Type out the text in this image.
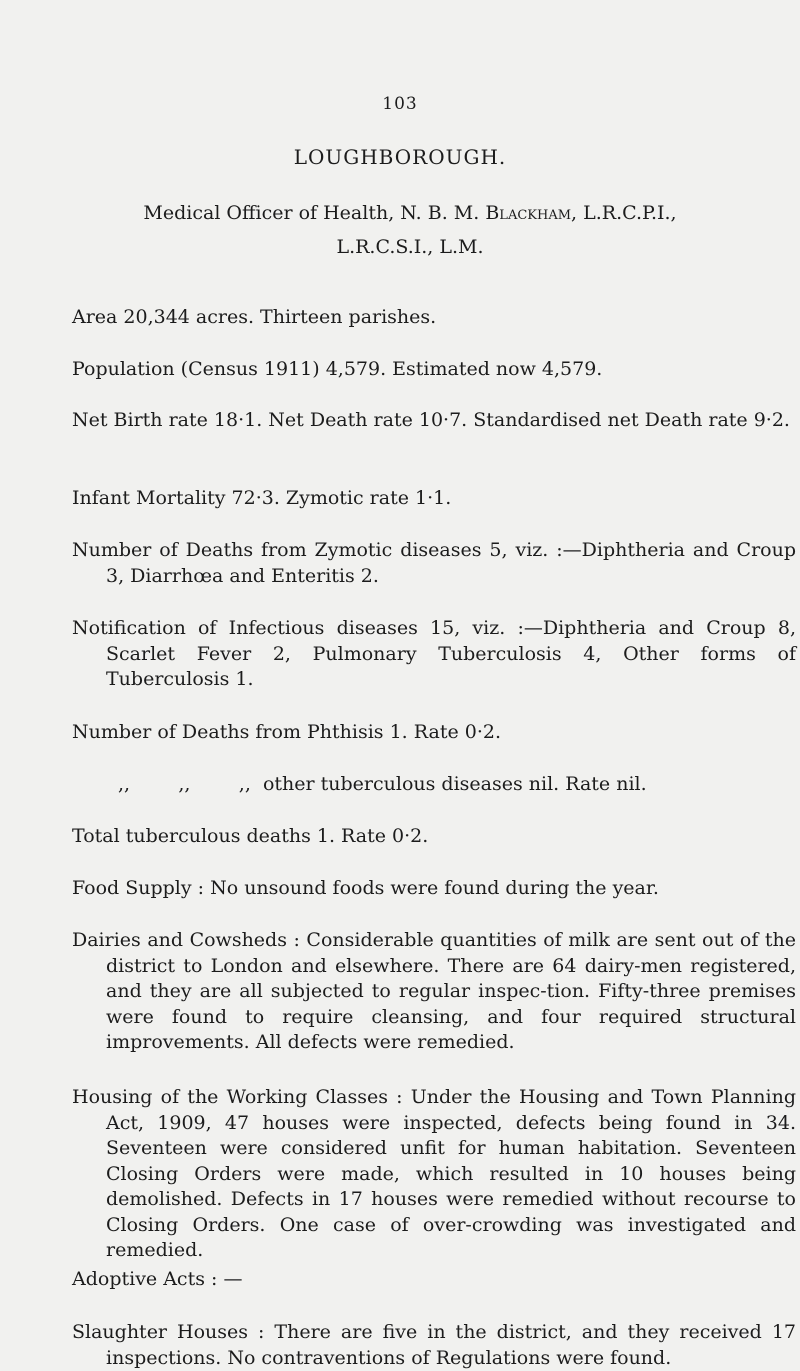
103
LOUGHBOROUGH.
Medical Officer of Health, N. B. M. Blackham, L.R.C.P.I.,
L.R.C.S.I., L.M.

Area 20,344 acres. Thirteen parishes.

Population (Census 1911) 4,579. Estimated now 4,579.

Net Birth rate 18·1. Net Death rate 10·7. Standardised net Death rate 9·2.

Infant Mortality 72·3. Zymotic rate 1·1.

Number of Deaths from Zymotic diseases 5, viz. :—Diphtheria and Croup 3, Diarrhœa and Enteritis 2.

Notification of Infectious diseases 15, viz. :—Diphtheria and Croup 8, Scarlet Fever 2, Pulmonary Tuberculosis 4, Other forms of Tuberculosis 1.

Number of Deaths from Phthisis 1. Rate 0·2.

,,        ,,        ,,  other tuberculous diseases nil. Rate nil.

Total tuberculous deaths 1. Rate 0·2.

Food Supply : No unsound foods were found during the year.

Dairies and Cowsheds : Considerable quantities of milk are sent out of the district to London and elsewhere. There are 64 dairy-men registered, and they are all subjected to regular inspec-tion. Fifty-three premises were found to require cleansing, and four required structural improvements. All defects were remedied.

Housing of the Working Classes : Under the Housing and Town Planning Act, 1909, 47 houses were inspected, defects being found in 34. Seventeen were considered unfit for human habitation. Seventeen Closing Orders were made, which resulted in 10 houses being demolished. Defects in 17 houses were remedied without recourse to Closing Orders. One case of over-crowding was investigated and remedied.

Adoptive Acts : —

Slaughter Houses : There are five in the district, and they received 17 inspections. No contraventions of Regulations were found.
